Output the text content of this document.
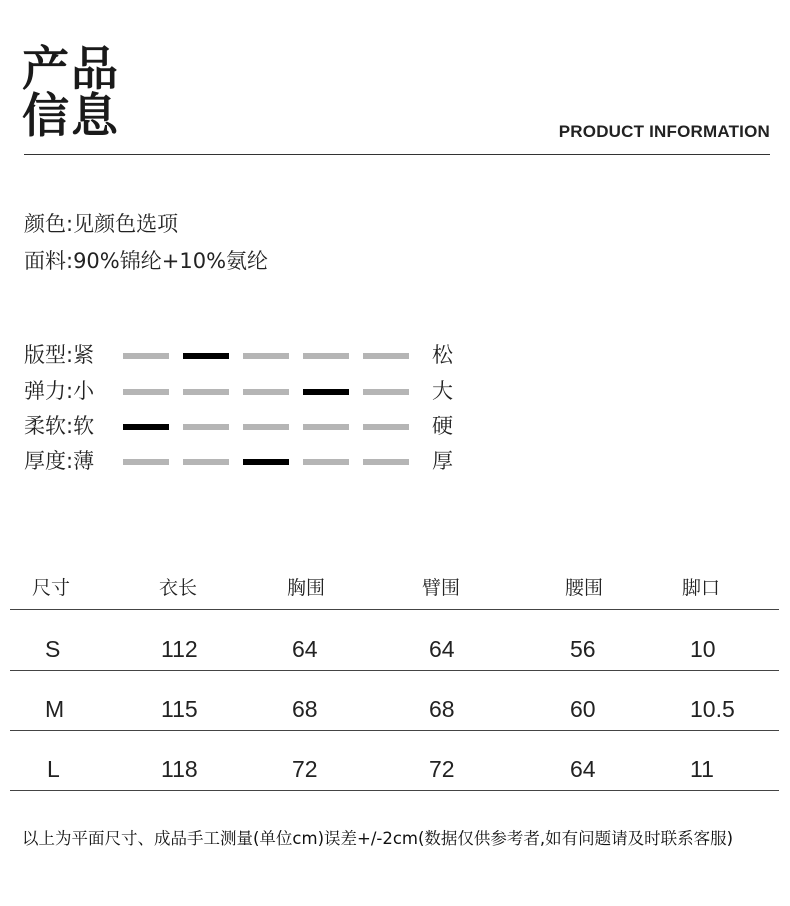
产品
信息	PRODUCT INFORMATION
颜色:见颜色选项
面料:90%锦纶+10%氨纶
版型:紧	松
弹力:小	大
柔软:软	硬
厚度:薄	厚
尺寸	衣长	胸围	臂围	腰围	脚口
S	112	64	64	56	10
M	115	68	68	60	10.5
L	118	72	72	64	11
以上为平面尺寸、成品手工测量(单位cm)误差+/-2cm(数据仅供参考者,如有问题请及时联系客服)
